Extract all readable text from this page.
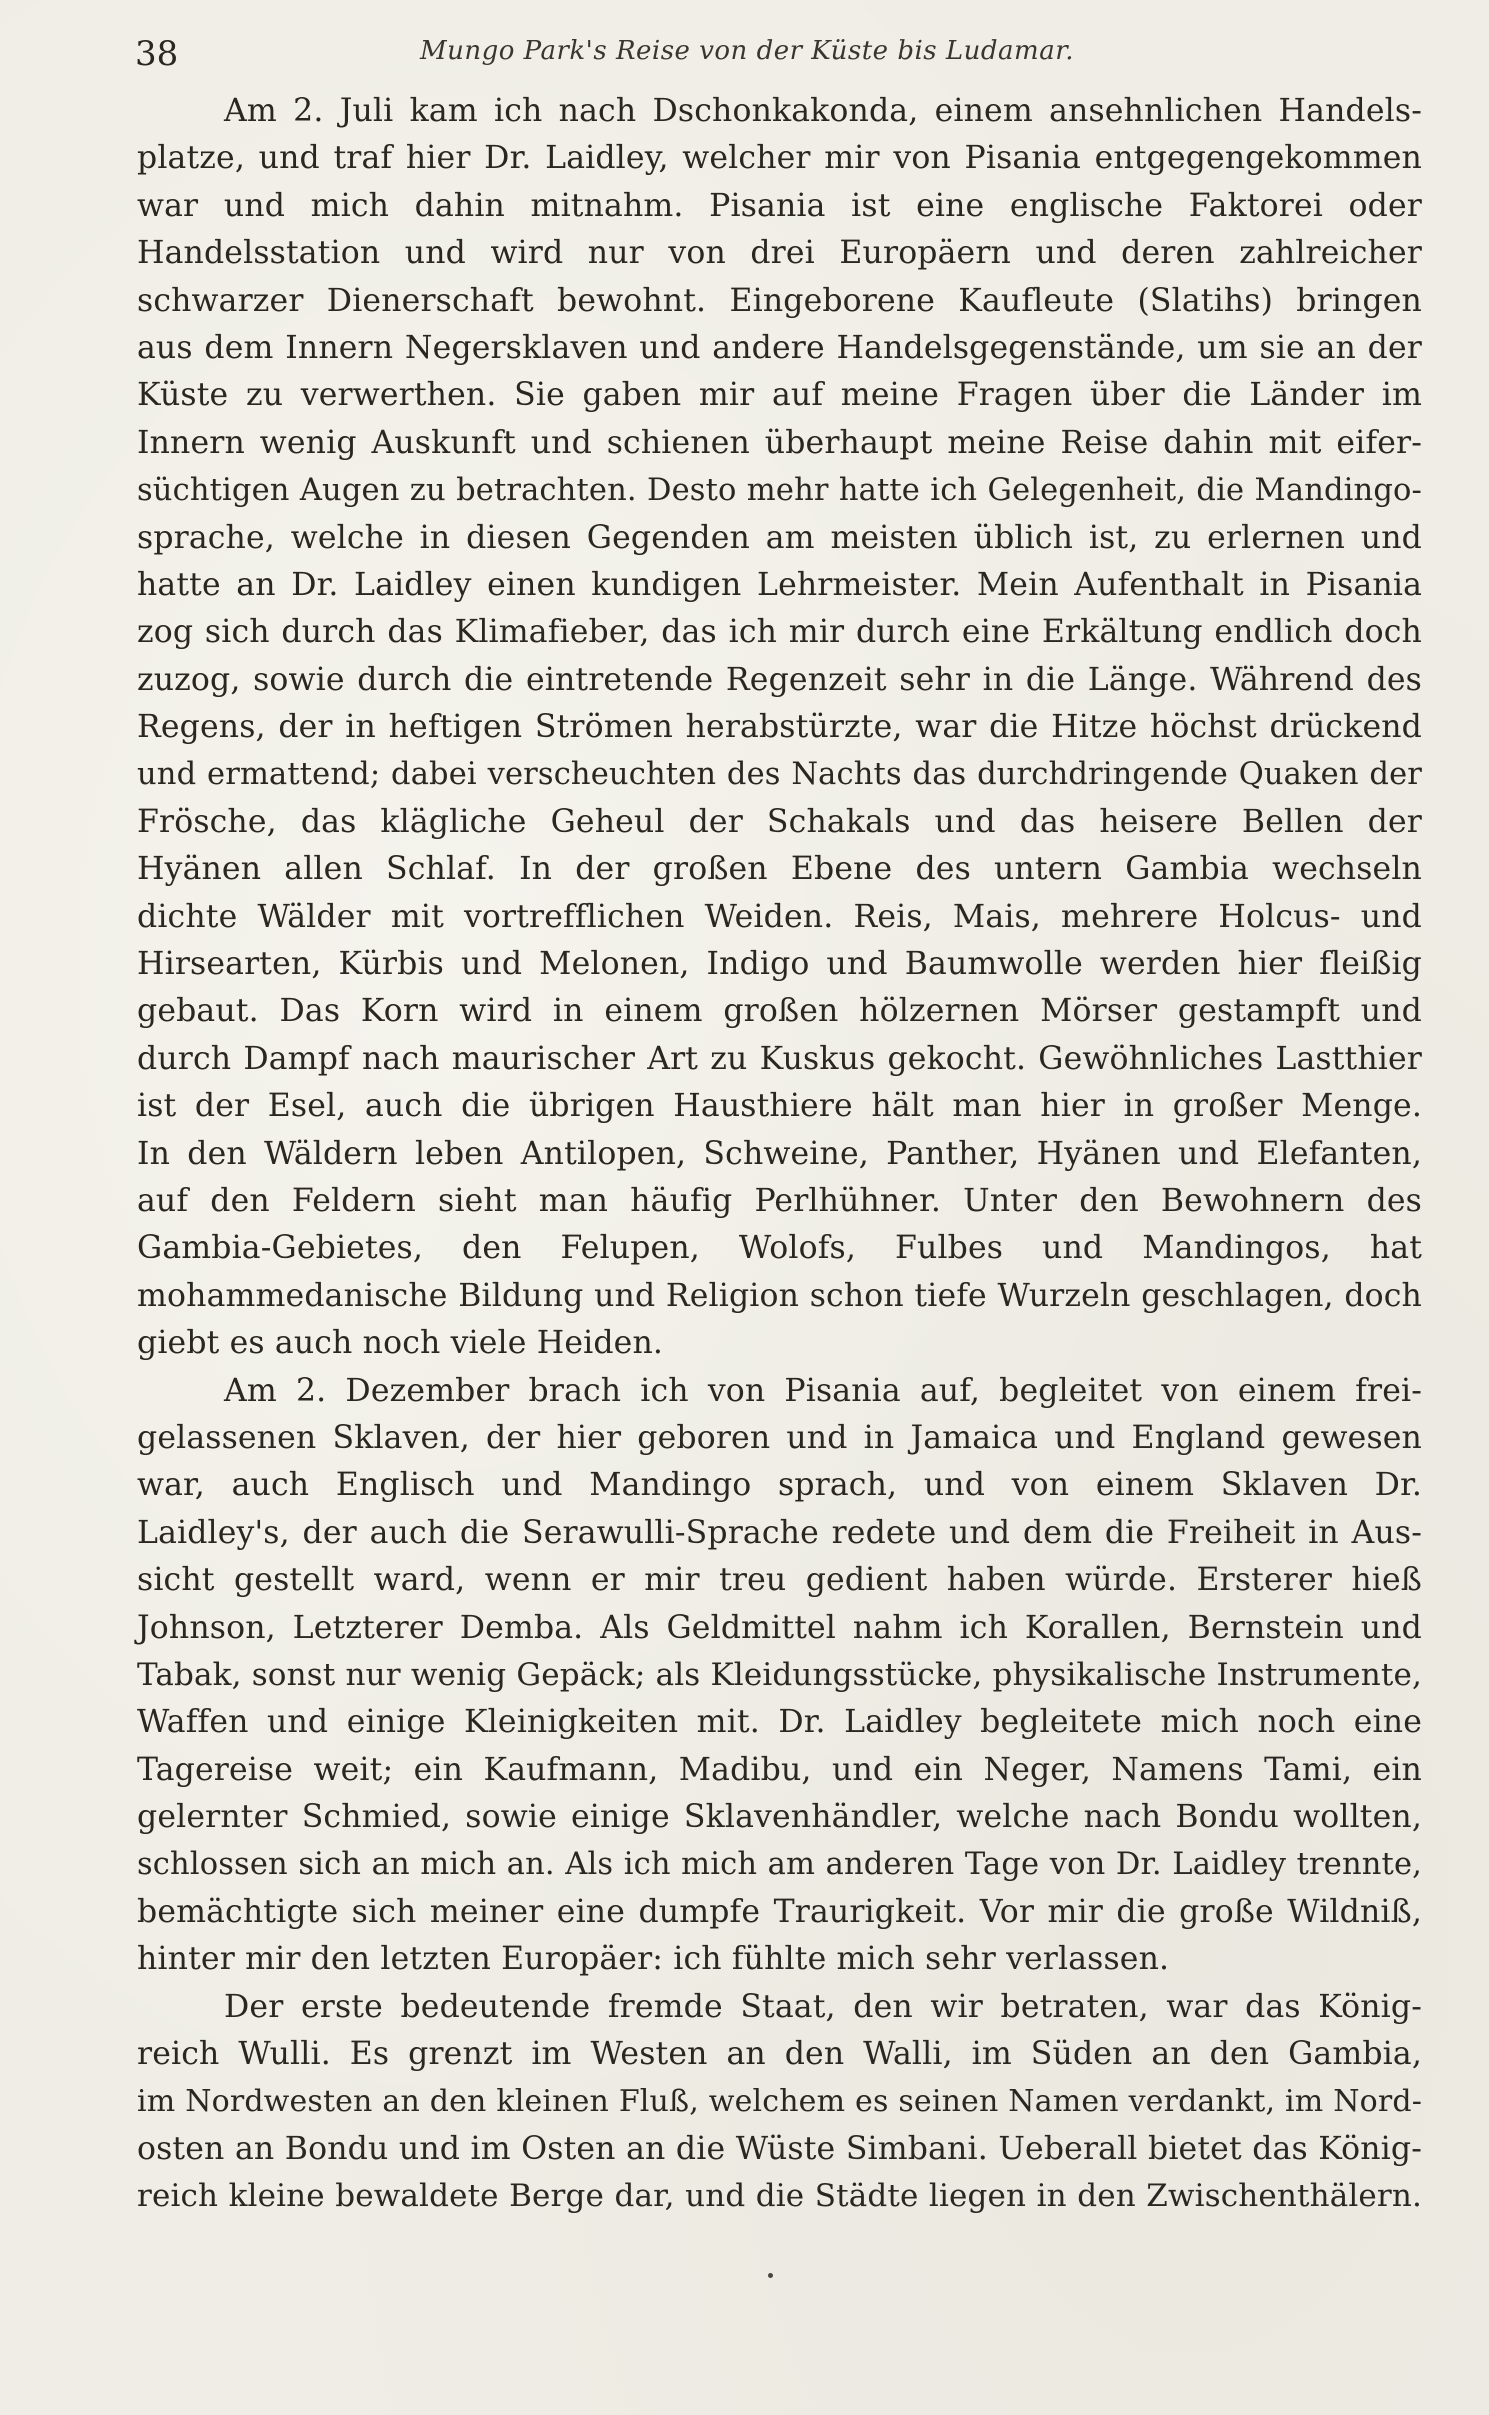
38	Mungo Park's Reise von der Küste bis Ludamar.
Am 2. Juli kam ich nach Dschonkakonda, einem ansehnlichen Handels-
platze, und traf hier Dr. Laidley, welcher mir von Pisania entgegengekommen
war und mich dahin mitnahm. Pisania ist eine englische Faktorei oder
Handelsstation und wird nur von drei Europäern und deren zahlreicher
schwarzer Dienerschaft bewohnt. Eingeborene Kaufleute (Slatihs) bringen
aus dem Innern Negersklaven und andere Handelsgegenstände, um sie an der
Küste zu verwerthen. Sie gaben mir auf meine Fragen über die Länder im
Innern wenig Auskunft und schienen überhaupt meine Reise dahin mit eifer-
süchtigen Augen zu betrachten. Desto mehr hatte ich Gelegenheit, die Mandingo-
sprache, welche in diesen Gegenden am meisten üblich ist, zu erlernen und
hatte an Dr. Laidley einen kundigen Lehrmeister. Mein Aufenthalt in Pisania
zog sich durch das Klimafieber, das ich mir durch eine Erkältung endlich doch
zuzog, sowie durch die eintretende Regenzeit sehr in die Länge. Während des
Regens, der in heftigen Strömen herabstürzte, war die Hitze höchst drückend
und ermattend; dabei verscheuchten des Nachts das durchdringende Quaken der
Frösche, das klägliche Geheul der Schakals und das heisere Bellen der
Hyänen allen Schlaf. In der großen Ebene des untern Gambia wechseln
dichte Wälder mit vortrefflichen Weiden. Reis, Mais, mehrere Holcus- und
Hirsearten, Kürbis und Melonen, Indigo und Baumwolle werden hier fleißig
gebaut. Das Korn wird in einem großen hölzernen Mörser gestampft und
durch Dampf nach maurischer Art zu Kuskus gekocht. Gewöhnliches Lastthier
ist der Esel, auch die übrigen Hausthiere hält man hier in großer Menge.
In den Wäldern leben Antilopen, Schweine, Panther, Hyänen und Elefanten,
auf den Feldern sieht man häufig Perlhühner. Unter den Bewohnern des
Gambia-Gebietes, den Felupen, Wolofs, Fulbes und Mandingos, hat
mohammedanische Bildung und Religion schon tiefe Wurzeln geschlagen, doch
giebt es auch noch viele Heiden.
Am 2. Dezember brach ich von Pisania auf, begleitet von einem frei-
gelassenen Sklaven, der hier geboren und in Jamaica und England gewesen
war, auch Englisch und Mandingo sprach, und von einem Sklaven Dr.
Laidley's, der auch die Serawulli-Sprache redete und dem die Freiheit in Aus-
sicht gestellt ward, wenn er mir treu gedient haben würde. Ersterer hieß
Johnson, Letzterer Demba. Als Geldmittel nahm ich Korallen, Bernstein und
Tabak, sonst nur wenig Gepäck; als Kleidungsstücke, physikalische Instrumente,
Waffen und einige Kleinigkeiten mit. Dr. Laidley begleitete mich noch eine
Tagereise weit; ein Kaufmann, Madibu, und ein Neger, Namens Tami, ein
gelernter Schmied, sowie einige Sklavenhändler, welche nach Bondu wollten,
schlossen sich an mich an. Als ich mich am anderen Tage von Dr. Laidley trennte,
bemächtigte sich meiner eine dumpfe Traurigkeit. Vor mir die große Wildniß,
hinter mir den letzten Europäer: ich fühlte mich sehr verlassen.
Der erste bedeutende fremde Staat, den wir betraten, war das König-
reich Wulli. Es grenzt im Westen an den Walli, im Süden an den Gambia,
im Nordwesten an den kleinen Fluß, welchem es seinen Namen verdankt, im Nord-
osten an Bondu und im Osten an die Wüste Simbani. Ueberall bietet das König-
reich kleine bewaldete Berge dar, und die Städte liegen in den Zwischenthälern.
